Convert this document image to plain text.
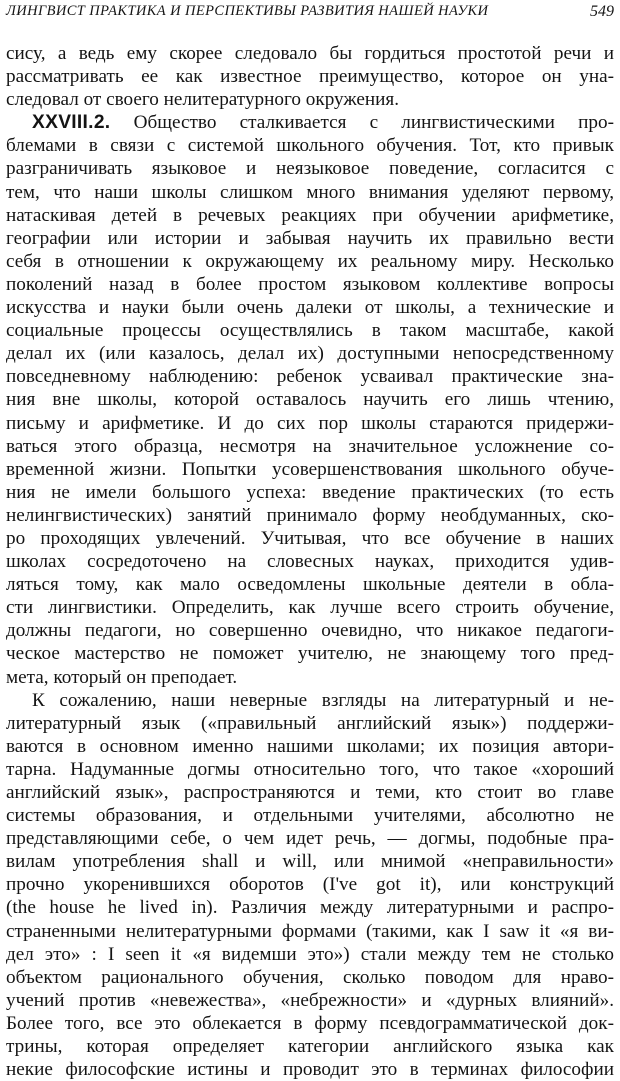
ЛИНГВИСТ ПРАКТИКА И ПЕРСПЕКТИВЫ РАЗВИТИЯ НАШЕЙ НАУКИ	549
сису, а ведь ему скорее следовало бы гордиться простотой речи и
рассматривать ее как известное преимущество, которое он уна-
следовал от своего нелитературного окружения.
XXVIII.2. Общество сталкивается с лингвистическими про-
блемами в связи с системой школьного обучения. Тот, кто привык
разграничивать языковое и неязыковое поведение, согласится с
тем, что наши школы слишком много внимания уделяют первому,
натаскивая детей в речевых реакциях при обучении арифметике,
географии или истории и забывая научить их правильно вести
себя в отношении к окружающему их реальному миру. Несколько
поколений назад в более простом языковом коллективе вопросы
искусства и науки были очень далеки от школы, а технические и
социальные процессы осуществлялись в таком масштабе, какой
делал их (или казалось, делал их) доступными непосредственному
повседневному наблюдению: ребенок усваивал практические зна-
ния вне школы, которой оставалось научить его лишь чтению,
письму и арифметике. И до сих пор школы стараются придержи-
ваться этого образца, несмотря на значительное усложнение со-
временной жизни. Попытки усовершенствования школьного обуче-
ния не имели большого успеха: введение практических (то есть
нелингвистических) занятий принимало форму необдуманных, ско-
ро проходящих увлечений. Учитывая, что все обучение в наших
школах сосредоточено на словесных науках, приходится удив-
ляться тому, как мало осведомлены школьные деятели в обла-
сти лингвистики. Определить, как лучше всего строить обучение,
должны педагоги, но совершенно очевидно, что никакое педагоги-
ческое мастерство не поможет учителю, не знающему того пред-
мета, который он преподает.
К сожалению, наши неверные взгляды на литературный и не-
литературный язык («правильный английский язык») поддержи-
ваются в основном именно нашими школами; их позиция автори-
тарна. Надуманные догмы относительно того, что такое «хороший
английский язык», распространяются и теми, кто стоит во главе
системы образования, и отдельными учителями, абсолютно не
представляющими себе, о чем идет речь, — догмы, подобные пра-
вилам употребления shall и will, или мнимой «неправильности»
прочно укоренившихся оборотов (I've got it), или конструкций
(the house he lived in). Различия между литературными и распро-
страненными нелитературными формами (такими, как I saw it «я ви-
дел это» : I seen it «я видемши это») стали между тем не столько
объектом рационального обучения, сколько поводом для нраво-
учений против «невежества», «небрежности» и «дурных влияний».
Более того, все это облекается в форму псевдограмматической док-
трины, которая определяет категории английского языка как
некие философские истины и проводит это в терминах философии
